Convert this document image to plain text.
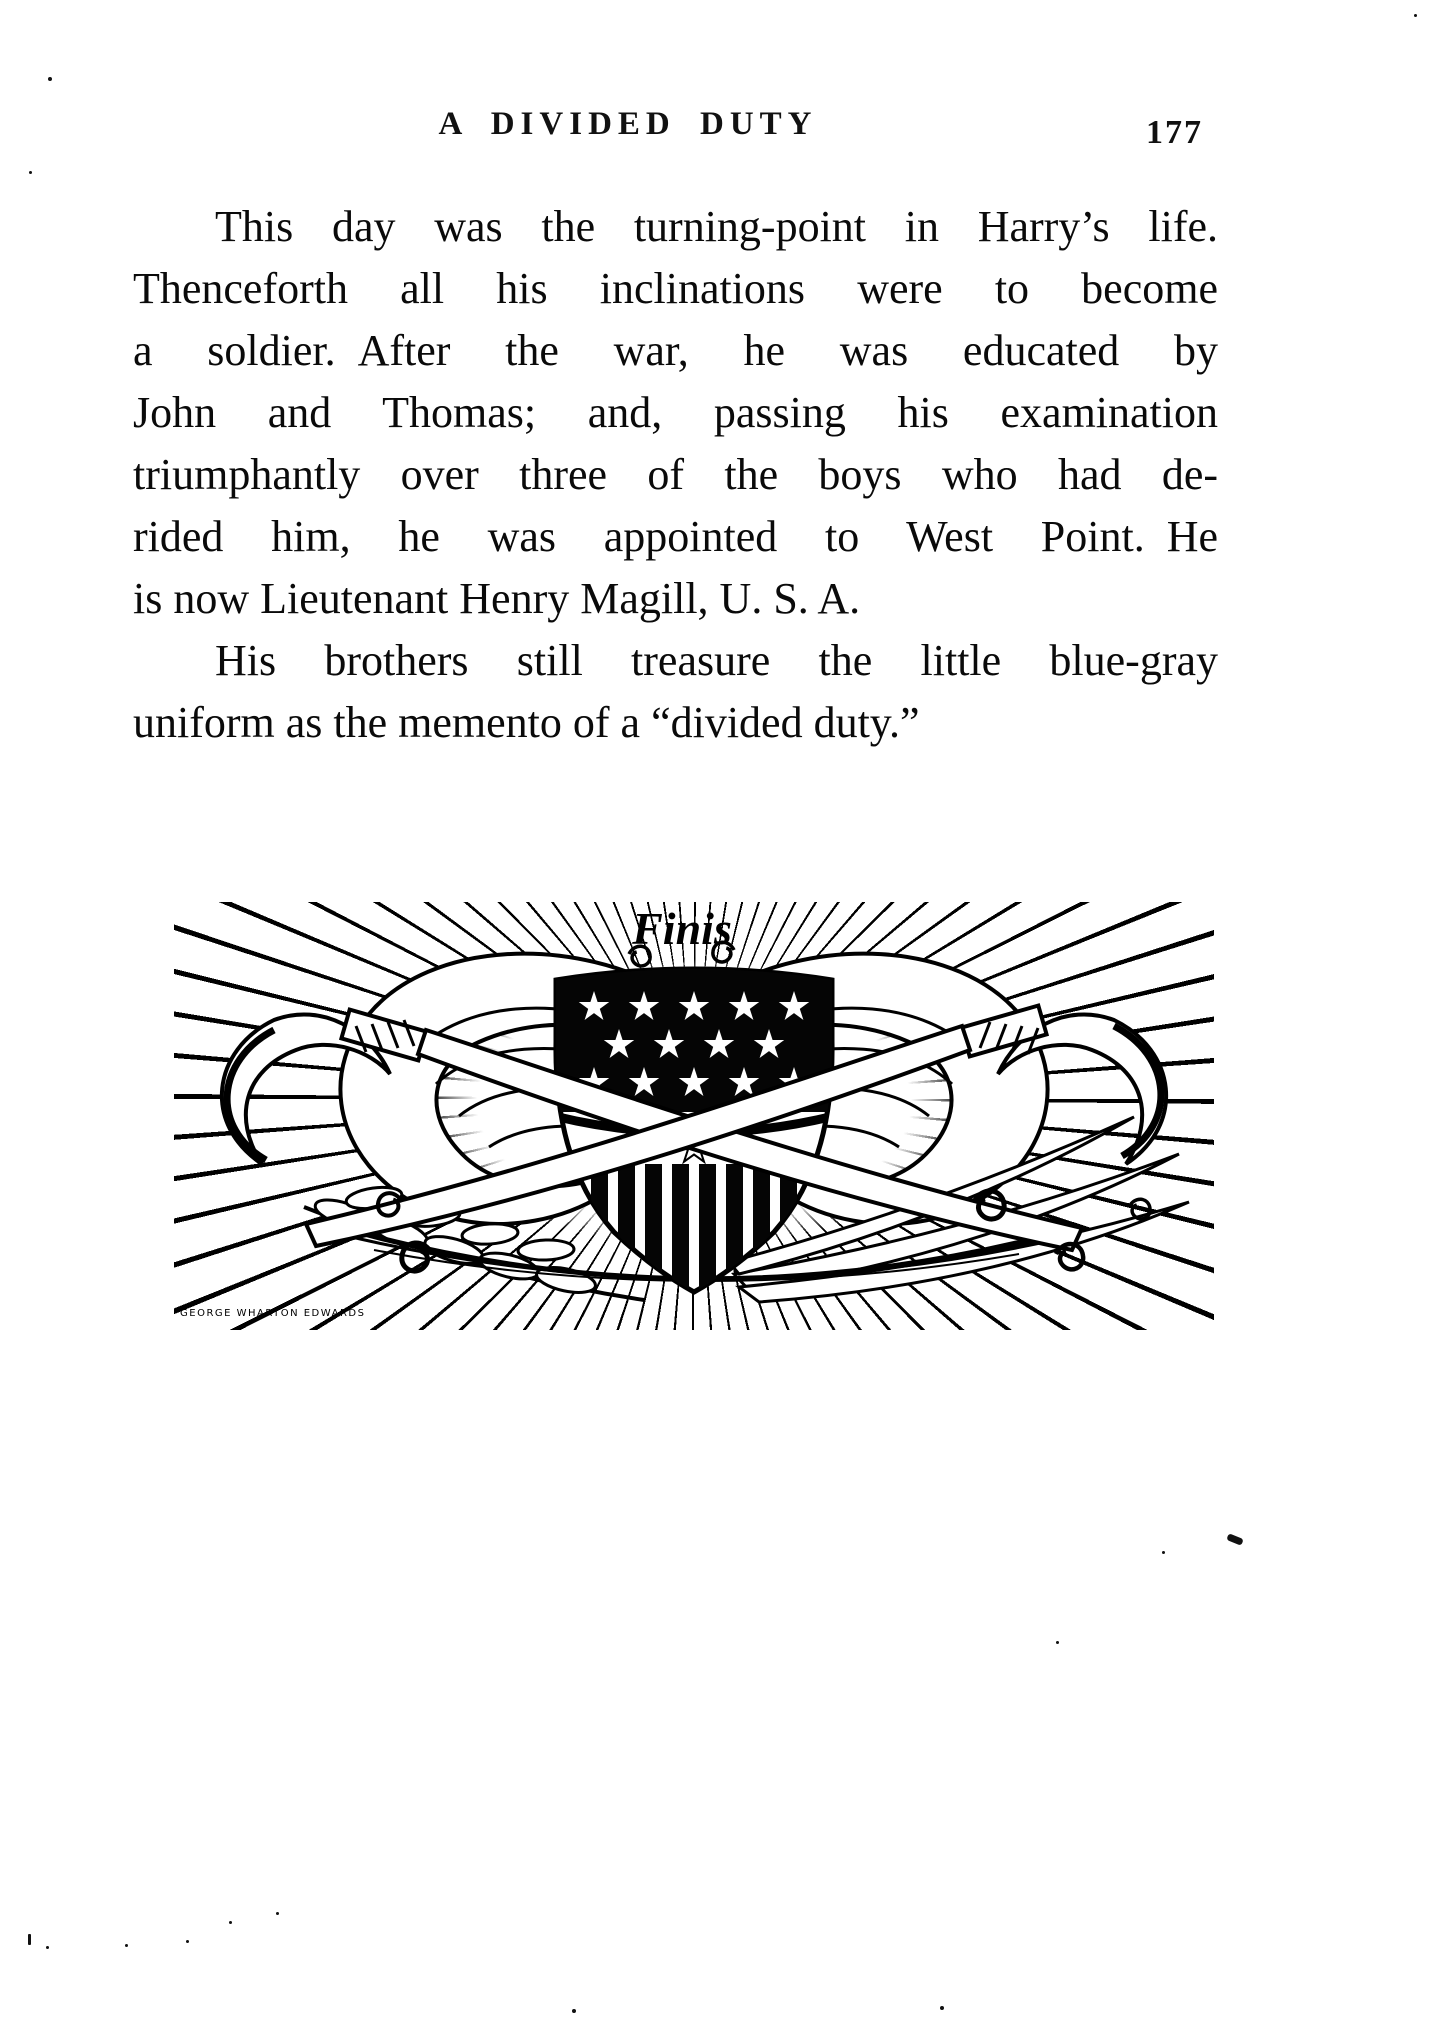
A DIVIDED DUTY	177
This day was the turning-point in Harry’s life.
Thenceforth all his inclinations were to become
a soldier. After the war, he was educated by
John and Thomas; and, passing his examination
triumphantly over three of the boys who had de-
rided him, he was appointed to West Point. He
is now Lieutenant Henry Magill, U. S. A.
His brothers still treasure the little blue-gray
uniform as the memento of a “divided duty.”
Finis
GEORGE WHARTON EDWARDS
